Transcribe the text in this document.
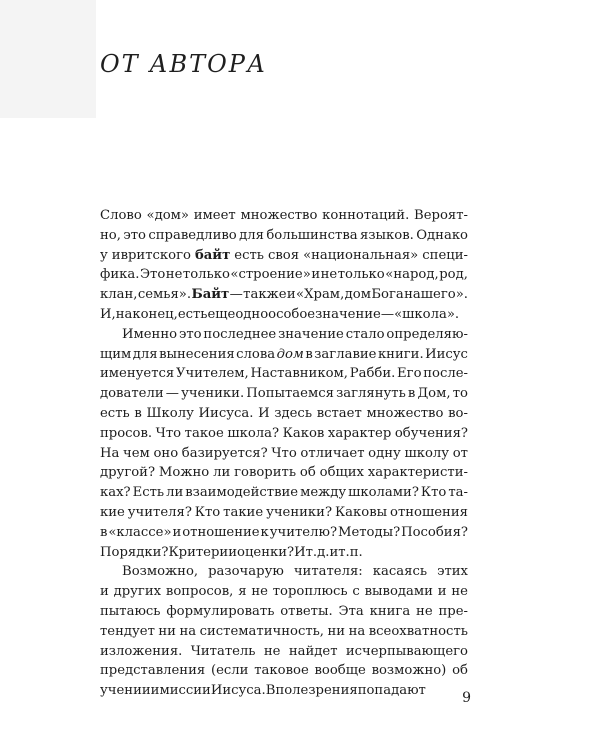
ОТ АВТОРА
Слово «дом» имеет множество коннотаций. Вероят-
но, это справедливо для большинства языков. Однако
у ивритского байт есть своя «национальная» специ-
фика. Это не только «строение» и не только «народ, род,
клан, семья». Байт — также и «Храм, дом Бога нашего».
И, наконец, есть еще одно особое значение — «школа».
Именно это последнее значение стало определяю-
щим для вынесения слова дом в заглавие книги. Иисус
именуется Учителем, Наставником, Рабби. Его после-
дователи — ученики. Попытаемся заглянуть в Дом, то
есть в Школу Иисуса. И здесь встает множество во-
просов. Что такое школа? Каков характер обучения?
На чем оно базируется? Что отличает одну школу от
другой? Можно ли говорить об общих характеристи-
ках? Есть ли взаимодействие между школами? Кто та-
кие учителя? Кто такие ученики? Каковы отношения
в «классе» и отношение к учителю? Методы? Пособия?
Порядки? Критерии оценки? И т. д. и т. п.
Возможно, разочарую читателя: касаясь этих
и других вопросов, я не тороплюсь с выводами и не
пытаюсь формулировать ответы. Эта книга не пре-
тендует ни на систематичность, ни на всеохватность
изложения. Читатель не найдет исчерпывающего
представления (если таковое вообще возможно) об
учении и миссии Иисуса. В поле зрения попадают	9
